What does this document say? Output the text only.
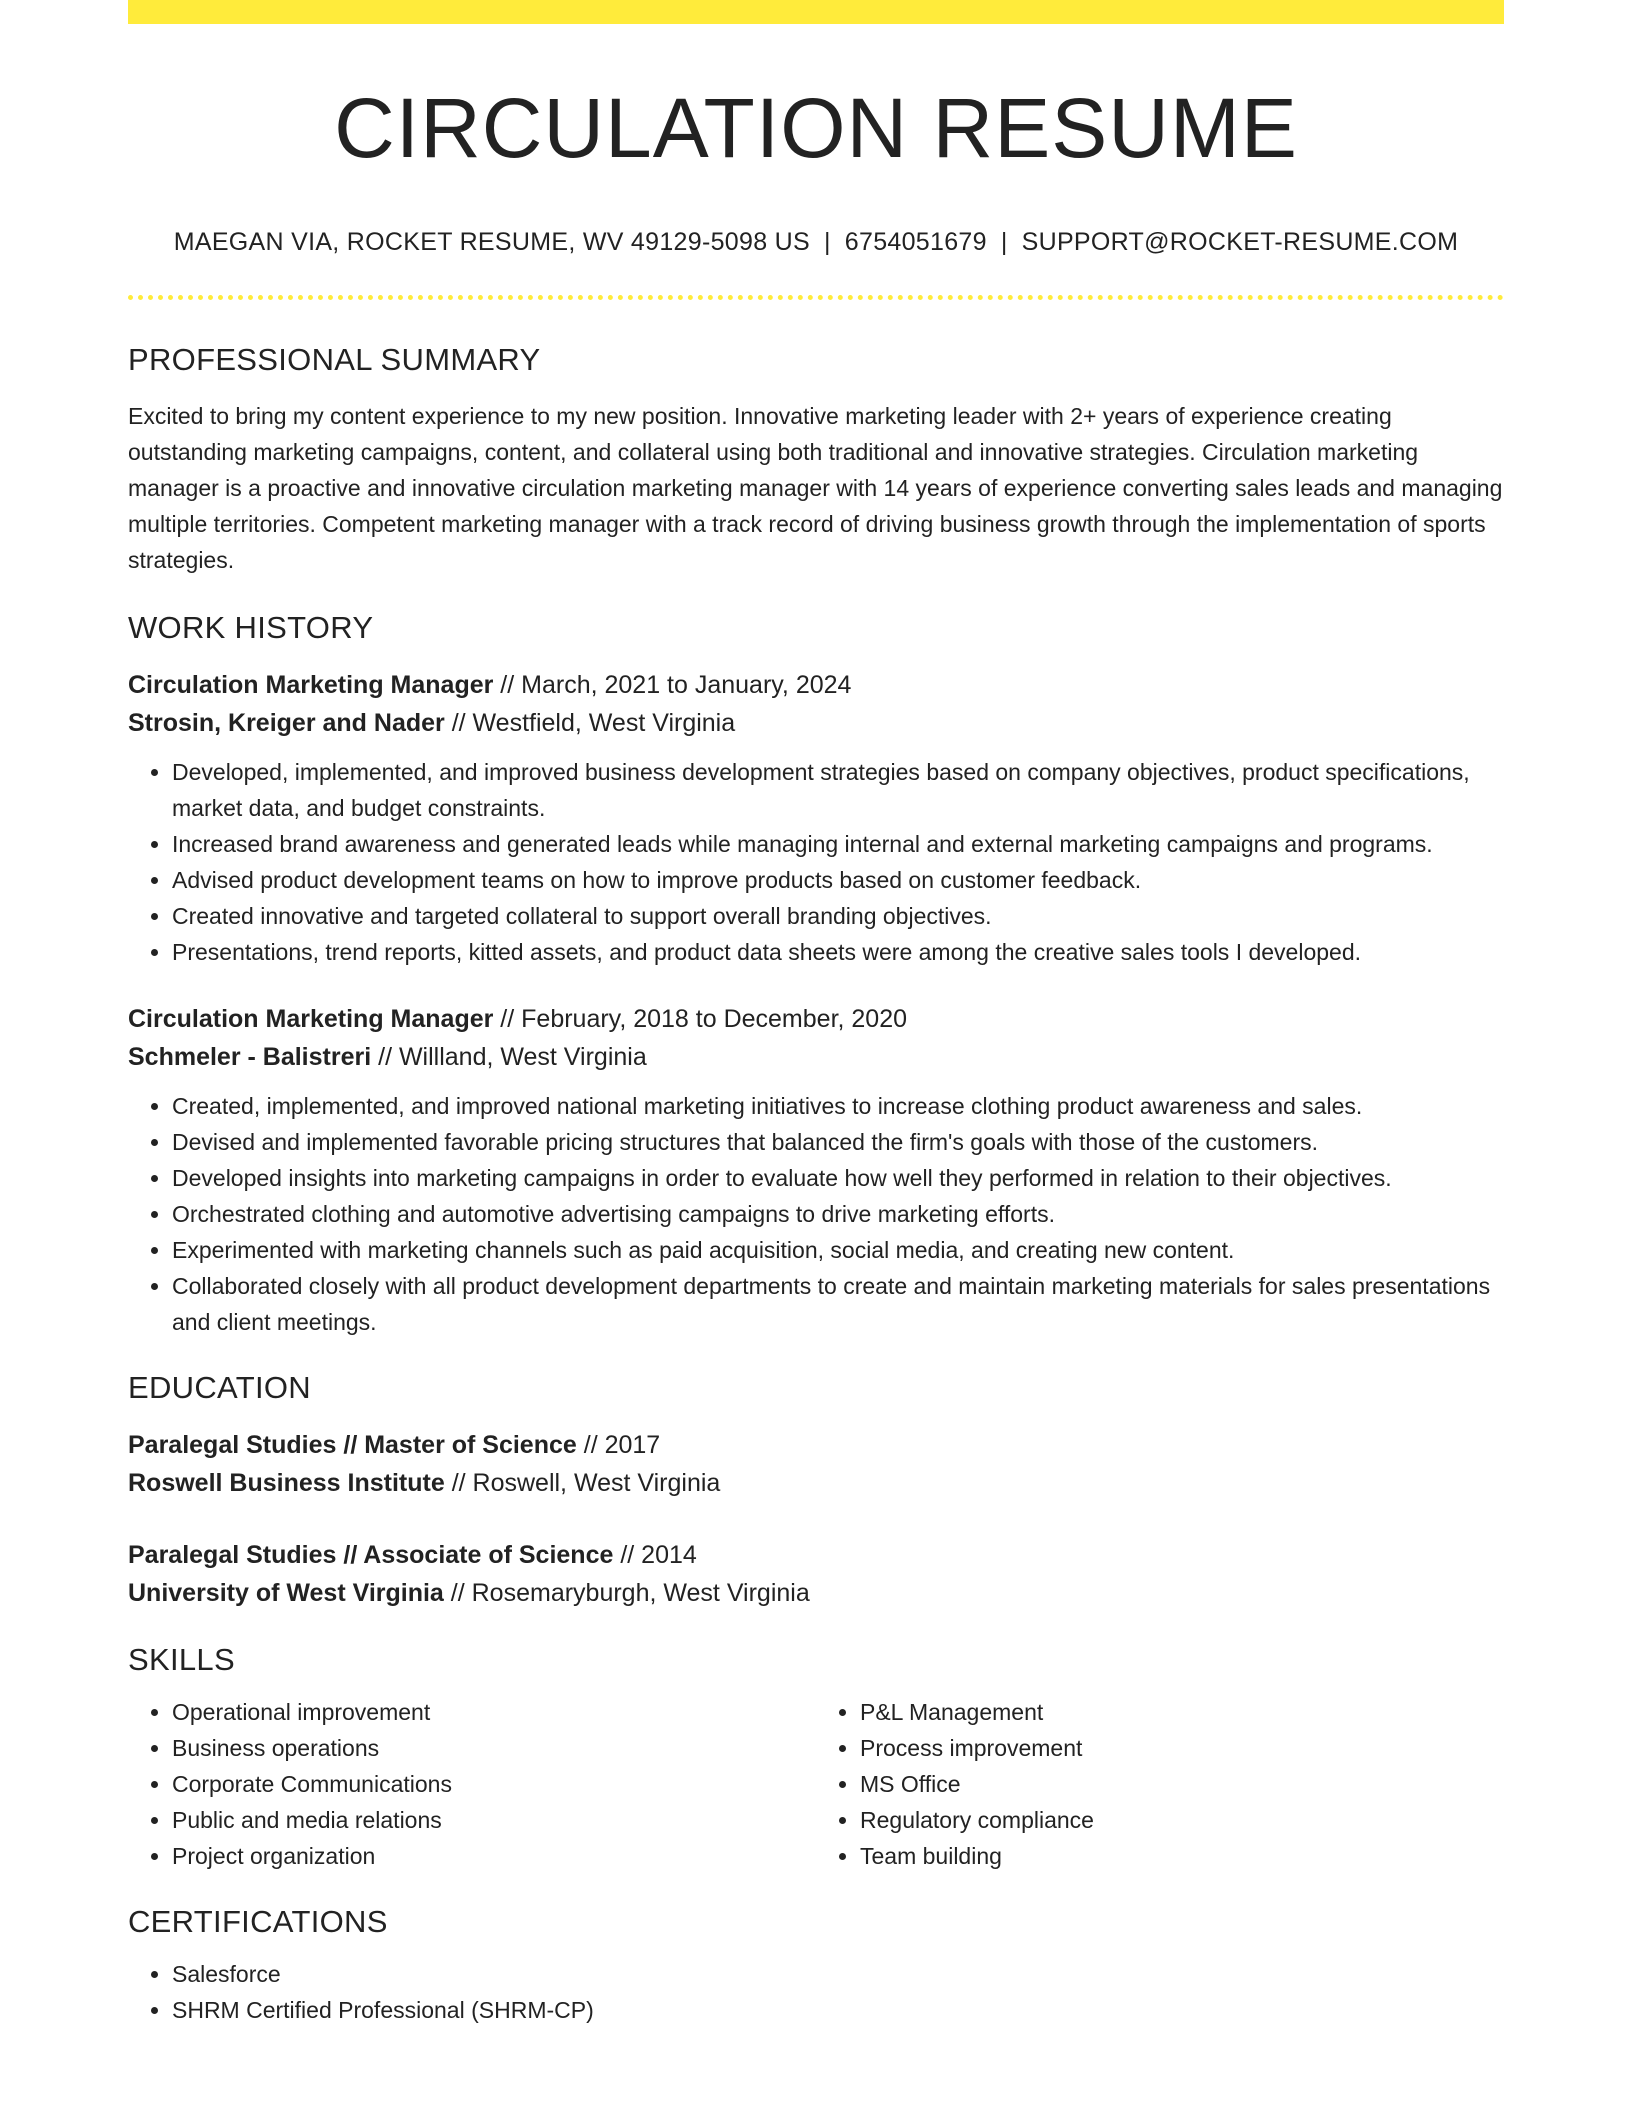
CIRCULATION RESUME
MAEGAN VIA, ROCKET RESUME, WV 49129-5098 US | 6754051679 | SUPPORT@ROCKET-RESUME.COM
PROFESSIONAL SUMMARY

Excited to bring my content experience to my new position. Innovative marketing leader with 2+ years of experience creating outstanding marketing campaigns, content, and collateral using both traditional and innovative strategies. Circulation marketing manager is a proactive and innovative circulation marketing manager with 14 years of experience converting sales leads and managing multiple territories. Competent marketing manager with a track record of driving business growth through the implementation of sports strategies.

WORK HISTORY
Circulation Marketing Manager // March, 2021 to January, 2024
Strosin, Kreiger and Nader // Westfield, West Virginia
• Developed, implemented, and improved business development strategies based on company objectives, product specifications, market data, and budget constraints.
• Increased brand awareness and generated leads while managing internal and external marketing campaigns and programs.
• Advised product development teams on how to improve products based on customer feedback.
• Created innovative and targeted collateral to support overall branding objectives.
• Presentations, trend reports, kitted assets, and product data sheets were among the creative sales tools I developed.
Circulation Marketing Manager // February, 2018 to December, 2020
Schmeler - Balistreri // Willland, West Virginia
• Created, implemented, and improved national marketing initiatives to increase clothing product awareness and sales.
• Devised and implemented favorable pricing structures that balanced the firm's goals with those of the customers.
• Developed insights into marketing campaigns in order to evaluate how well they performed in relation to their objectives.
• Orchestrated clothing and automotive advertising campaigns to drive marketing efforts.
• Experimented with marketing channels such as paid acquisition, social media, and creating new content.
• Collaborated closely with all product development departments to create and maintain marketing materials for sales presentations and client meetings.
EDUCATION
Paralegal Studies // Master of Science // 2017
Roswell Business Institute // Roswell, West Virginia
Paralegal Studies // Associate of Science // 2014
University of West Virginia // Rosemaryburgh, West Virginia
SKILLS
• Operational improvement
• Business operations
• Corporate Communications
• Public and media relations
• Project organization
• P&L Management
• Process improvement
• MS Office
• Regulatory compliance
• Team building
CERTIFICATIONS
• Salesforce
• SHRM Certified Professional (SHRM-CP)
